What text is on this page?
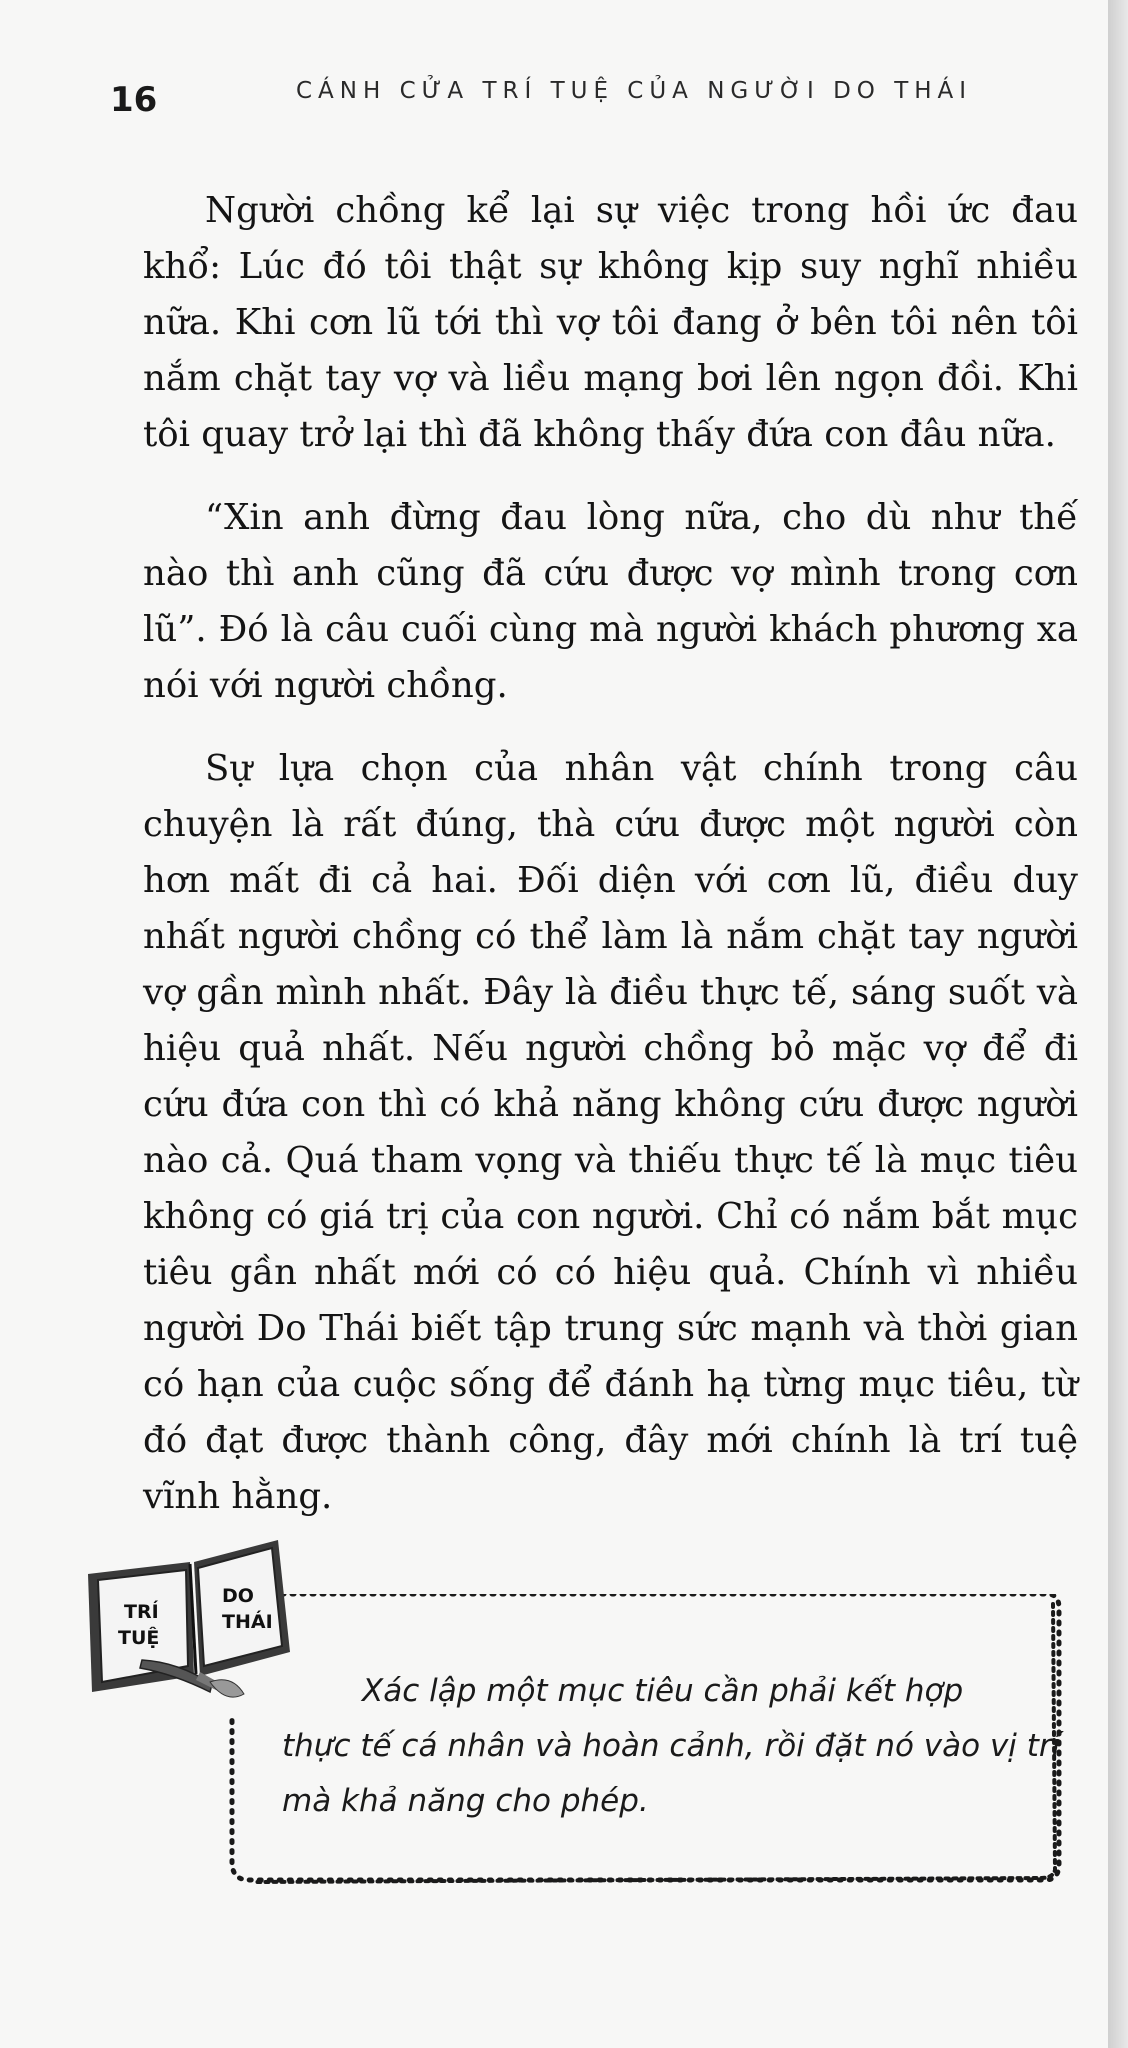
16	CÁNH CỬA TRÍ TUỆ CỦA NGƯỜI DO THÁI

Người chồng kể lại sự việc trong hồi ức đau khổ: Lúc đó tôi thật sự không kịp suy nghĩ nhiều nữa. Khi cơn lũ tới thì vợ tôi đang ở bên tôi nên tôi nắm chặt tay vợ và liều mạng bơi lên ngọn đồi. Khi tôi quay trở lại thì đã không thấy đứa con đâu nữa.

“Xin anh đừng đau lòng nữa, cho dù như thế nào thì anh cũng đã cứu được vợ mình trong cơn lũ”. Đó là câu cuối cùng mà người khách phương xa nói với người chồng.

Sự lựa chọn của nhân vật chính trong câu chuyện là rất đúng, thà cứu được một người còn hơn mất đi cả hai. Đối diện với cơn lũ, điều duy nhất người chồng có thể làm là nắm chặt tay người vợ gần mình nhất. Đây là điều thực tế, sáng suốt và hiệu quả nhất. Nếu người chồng bỏ mặc vợ để đi cứu đứa con thì có khả năng không cứu được người nào cả. Quá tham vọng và thiếu thực tế là mục tiêu không có giá trị của con người. Chỉ có nắm bắt mục tiêu gần nhất mới có có hiệu quả. Chính vì nhiều người Do Thái biết tập trung sức mạnh và thời gian có hạn của cuộc sống để đánh hạ từng mục tiêu, từ đó đạt được thành công, đây mới chính là trí tuệ vĩnh hằng.

TRÍ
TUỆ
DO
THÁI
Xác lập một mục tiêu cần phải kết hợp
thực tế cá nhân và hoàn cảnh, rồi đặt nó vào vị trí mà khả năng cho phép.
